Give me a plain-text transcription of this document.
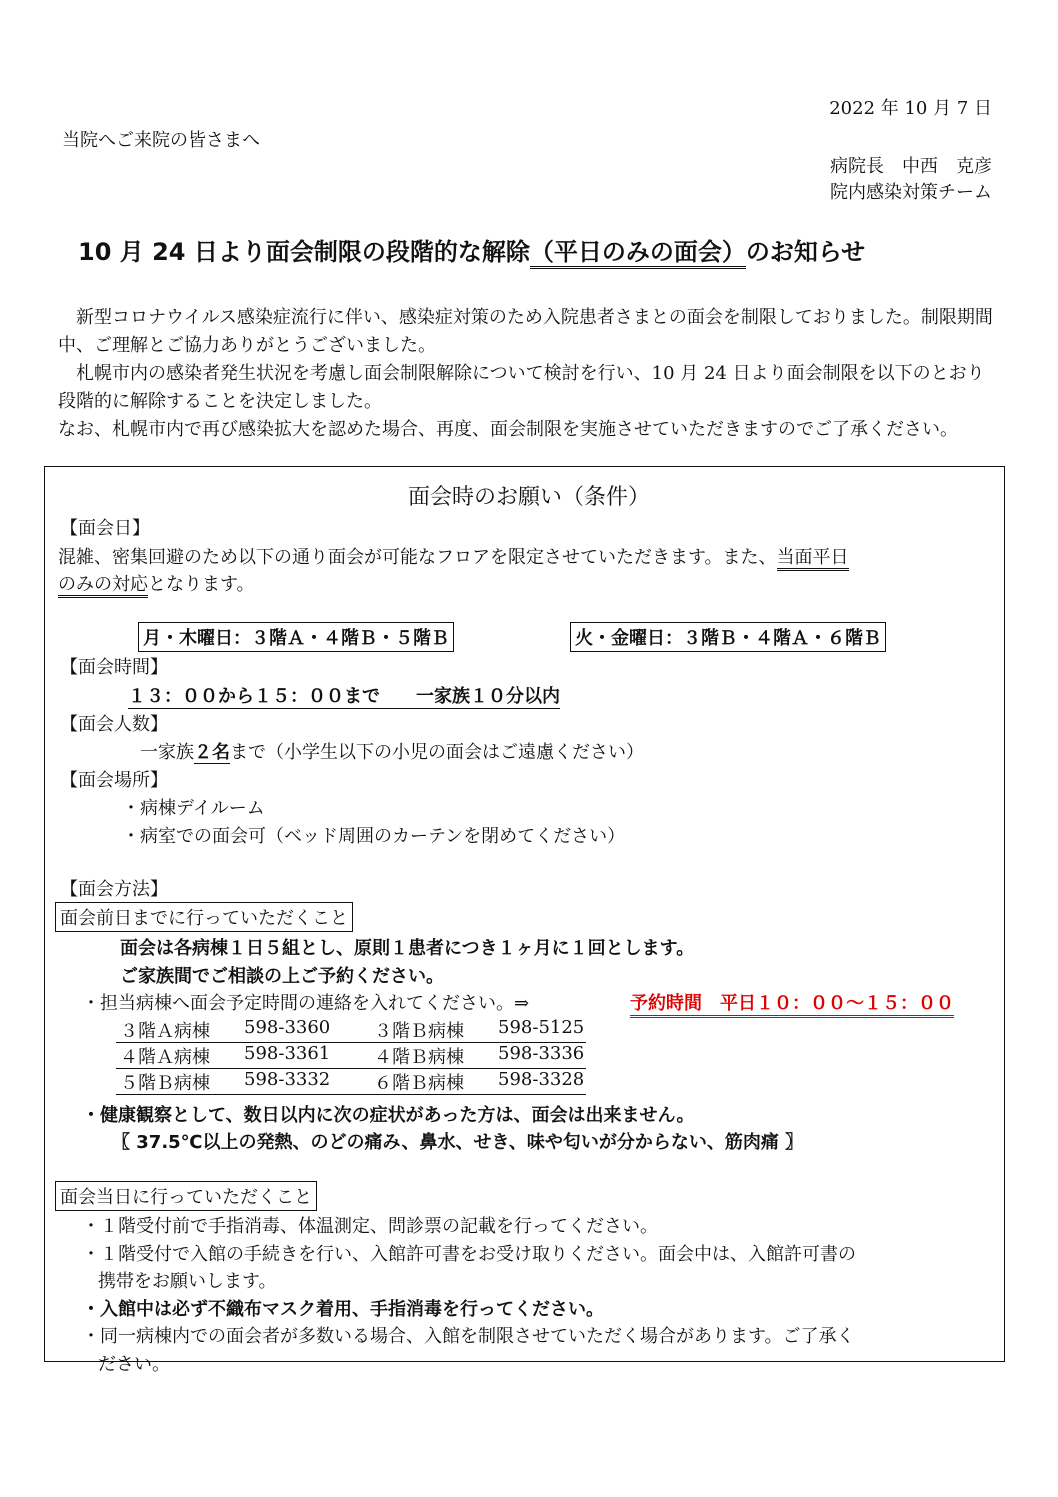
2022 年 10 月 7 日
当院へご来院の皆さまへ
病院長　中西　克彦
院内感染対策チーム
10 月 24 日より面会制限の段階的な解除（平日のみの面会）のお知らせ

　新型コロナウイルス感染症流行に伴い、感染症対策のため入院患者さまとの面会を制限しておりました。制限期間中、ご理解とご協力ありがとうございました。

　札幌市内の感染者発生状況を考慮し面会制限解除について検討を行い、10 月 24 日より面会制限を以下のとおり段階的に解除することを決定しました。

なお、札幌市内で再び感染拡大を認めた場合、再度、面会制限を実施させていただきますのでご了承ください。

面会時のお願い（条件）
【面会日】
混雑、密集回避のため以下の通り面会が可能なフロアを限定させていただきます。また、当面平日
のみの対応となります。
月・木曜日：３階Ａ・４階Ｂ・５階Ｂ	火・金曜日：３階Ｂ・４階Ａ・６階Ｂ
【面会時間】
１３：００から１５：００まで　　一家族１０分以内
【面会人数】
一家族２名まで（小学生以下の小児の面会はご遠慮ください）
【面会場所】
・病棟デイルーム
・病室での面会可（ベッド周囲のカーテンを閉めてください）
【面会方法】
面会前日までに行っていただくこと
面会は各病棟１日５組とし、原則１患者につき１ヶ月に１回とします。
ご家族間でご相談の上ご予約ください。
・担当病棟へ面会予定時間の連絡を入れてください。⇒	予約時間　平日１０：００～１５：００
３階Ａ病棟 598-3360 ３階Ｂ病棟 598-5125
４階Ａ病棟 598-3361 ４階Ｂ病棟 598-3336
５階Ｂ病棟 598-3332 ６階Ｂ病棟 598-3328
・健康観察として、数日以内に次の症状があった方は、面会は出来ません。
〖 37.5℃以上の発熱、のどの痛み、鼻水、せき、味や匂いが分からない、筋肉痛 〗
面会当日に行っていただくこと
・１階受付前で手指消毒、体温測定、問診票の記載を行ってください。
・１階受付で入館の手続きを行い、入館許可書をお受け取りください。面会中は、入館許可書の
携帯をお願いします。
・入館中は必ず不織布マスク着用、手指消毒を行ってください。
・同一病棟内での面会者が多数いる場合、入館を制限させていただく場合があります。ご了承く
ださい。
